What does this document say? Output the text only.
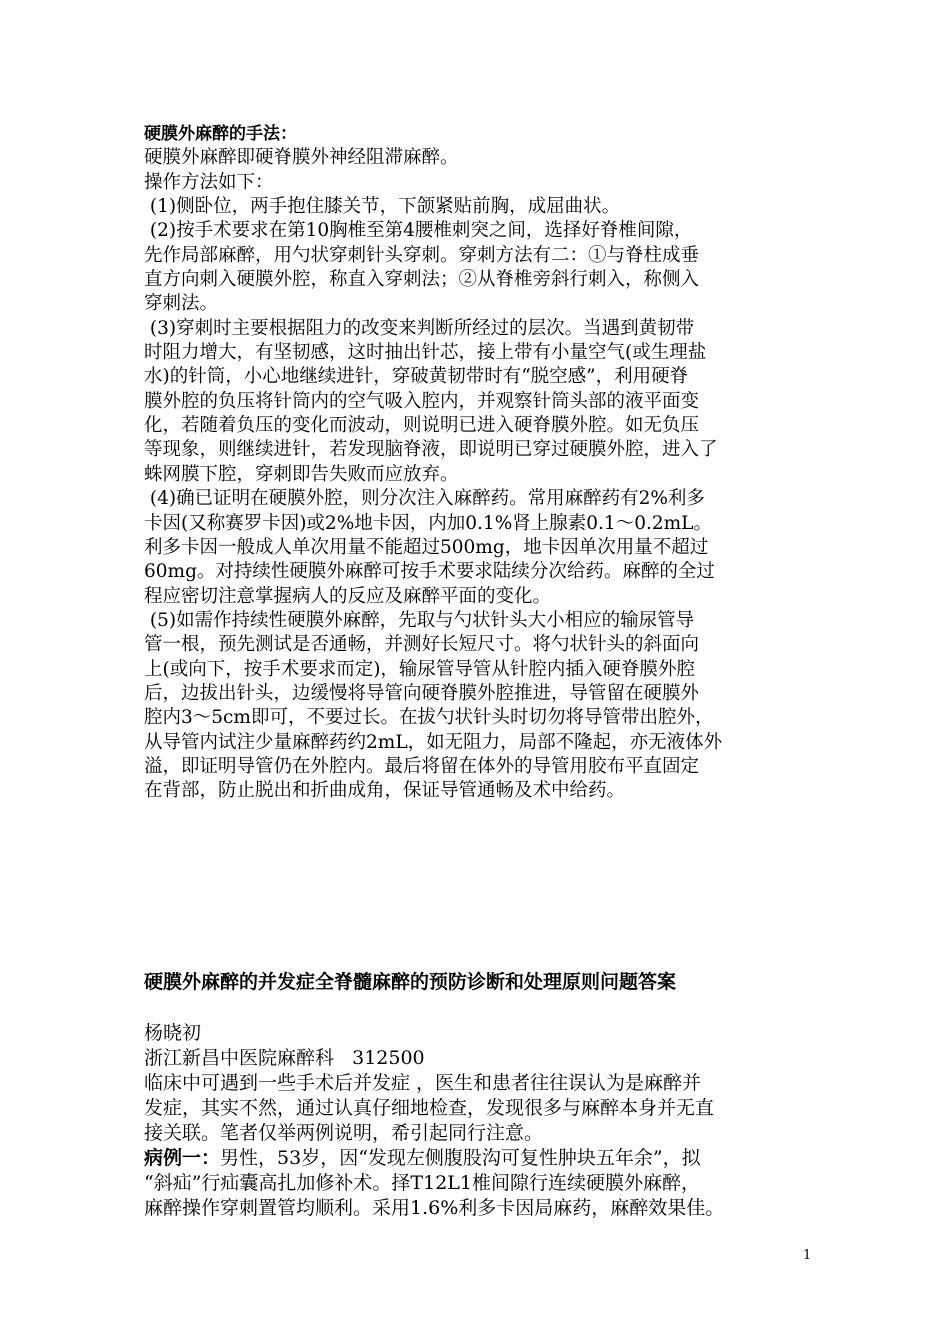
硬膜外麻醉的手法：
硬膜外麻醉即硬脊膜外神经阻滞麻醉。
操作方法如下：
(1)侧卧位，两手抱住膝关节，下颌紧贴前胸，成屈曲状。
(2)按手术要求在第10胸椎至第4腰椎刺突之间，选择好脊椎间隙，
先作局部麻醉，用勺状穿刺针头穿刺。穿刺方法有二：①与脊柱成垂
直方向刺入硬膜外腔，称直入穿刺法；②从脊椎旁斜行刺入，称侧入
穿刺法。
(3)穿刺时主要根据阻力的改变来判断所经过的层次。当遇到黄韧带
时阻力增大，有坚韧感，这时抽出针芯，接上带有小量空气(或生理盐
水)的针筒，小心地继续进针，穿破黄韧带时有“脱空感”，利用硬脊
膜外腔的负压将针筒内的空气吸入腔内，并观察针筒头部的液平面变
化，若随着负压的变化而波动，则说明已进入硬脊膜外腔。如无负压
等现象，则继续进针，若发现脑脊液，即说明已穿过硬膜外腔，进入了
蛛网膜下腔，穿刺即告失败而应放弃。
(4)确已证明在硬膜外腔，则分次注入麻醉药。常用麻醉药有2%利多
卡因(又称赛罗卡因)或2%地卡因，内加0.1%肾上腺素0.1～0.2mL。
利多卡因一般成人单次用量不能超过500mg，地卡因单次用量不超过
60mg。对持续性硬膜外麻醉可按手术要求陆续分次给药。麻醉的全过
程应密切注意掌握病人的反应及麻醉平面的变化。
(5)如需作持续性硬膜外麻醉，先取与勺状针头大小相应的输尿管导
管一根，预先测试是否通畅，并测好长短尺寸。将勺状针头的斜面向
上(或向下，按手术要求而定)，输尿管导管从针腔内插入硬脊膜外腔
后，边拔出针头，边缓慢将导管向硬脊膜外腔推进，导管留在硬膜外
腔内3～5cm即可，不要过长。在拔勺状针头时切勿将导管带出腔外，
从导管内试注少量麻醉药约2mL，如无阻力，局部不隆起，亦无液体外
溢，即证明导管仍在外腔内。最后将留在体外的导管用胶布平直固定
在背部，防止脱出和折曲成角，保证导管通畅及术中给药。
硬膜外麻醉的并发症全脊髓麻醉的预防诊断和处理原则问题答案

杨晓初
浙江新昌中医院麻醉科   312500
临床中可遇到一些手术后并发症 ，医生和患者往往误认为是麻醉并
发症，其实不然，通过认真仔细地检查，发现很多与麻醉本身并无直
接关联。笔者仅举两例说明，希引起同行注意。
病例一：男性，53岁，因“发现左侧腹股沟可复性肿块五年余”，拟
“斜疝”行疝囊高扎加修补术。择T12L1椎间隙行连续硬膜外麻醉，
麻醉操作穿刺置管均顺利。采用1.6%利多卡因局麻药，麻醉效果佳。
1
